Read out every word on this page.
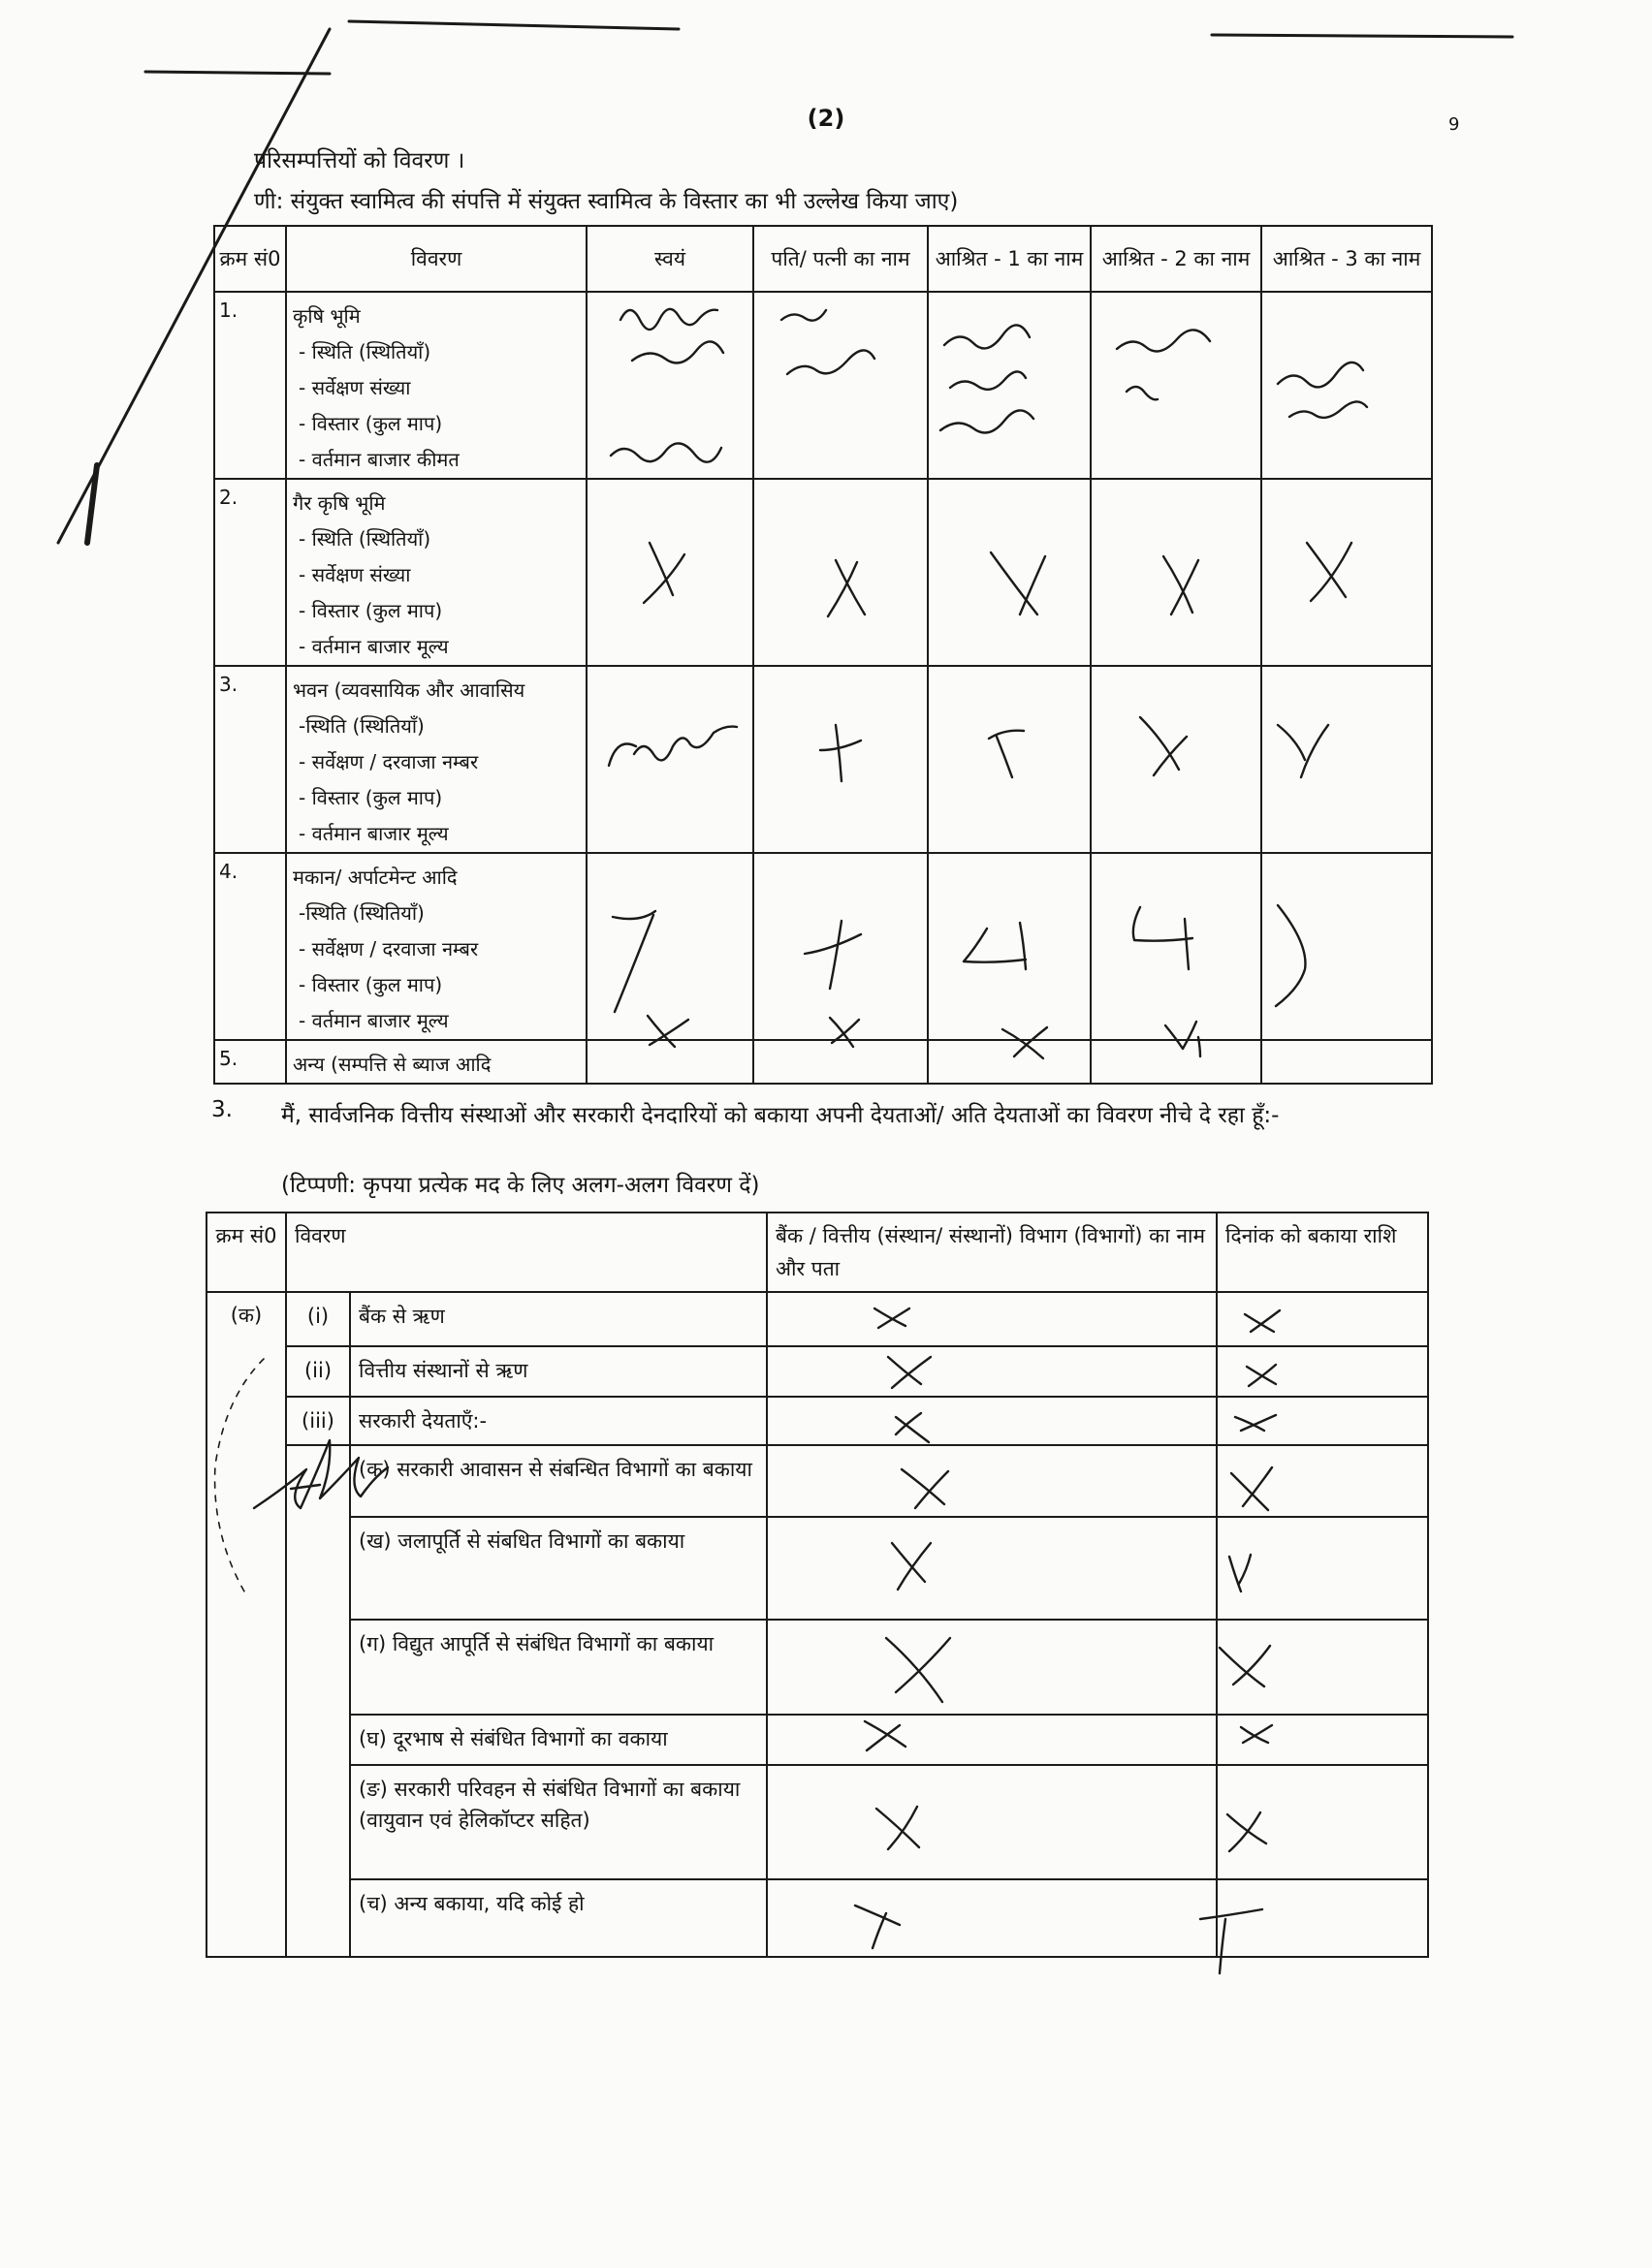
(2)	9
परिसम्पत्तियों को विवरण ।
णी: संयुक्त स्वामित्व की संपत्ति में संयुक्त स्वामित्व के विस्तार का भी उल्लेख किया जाए)
क्रम सं0	विवरण	स्वयं	पति/ पत्नी का नाम	आश्रित - 1 का नाम	आश्रित - 2 का नाम	आश्रित - 3 का नाम
1.	कृषि भूमि
- स्थिति (स्थितियाँ)
- सर्वेक्षण संख्या
- विस्तार (कुल माप)
- वर्तमान बाजार कीमत					

2.	गैर कृषि भूमि
- स्थिति (स्थितियाँ)
- सर्वेक्षण संख्या
- विस्तार (कुल माप)
- वर्तमान बाजार मूल्य					

3.	भवन (व्यवसायिक और आवासिय
-स्थिति (स्थितियाँ)
- सर्वेक्षण / दरवाजा नम्बर
- विस्तार (कुल माप)
- वर्तमान बाजार मूल्य					

4.	मकान/ अर्पाटमेन्ट आदि
-स्थिति (स्थितियाँ)
- सर्वेक्षण / दरवाजा नम्बर
- विस्तार (कुल माप)
- वर्तमान बाजार मूल्य					

5.	अन्य (सम्पत्ति से ब्याज आदि					

3. मैं, सार्वजनिक वित्तीय संस्थाओं और सरकारी देनदारियों को बकाया अपनी देयताओं/ अति देयताओं का विवरण नीचे दे रहा हूँ:-
(टिप्पणी: कृपया प्रत्येक मद के लिए अलग-अलग विवरण दें)
क्रम सं0	विवरण		बैंक / वित्तीय (संस्थान/ संस्थानों) विभाग (विभागों) का नाम और पता	दिनांक को बकाया राशि
(क)	(i)	बैंक से ऋण		
	(ii)	वित्तीय संस्थानों से ऋण		
	(iii)	सरकारी देयताएँ:-		
		(क) सरकारी आवासन से संबन्धित विभागों का बकाया		
		(ख) जलापूर्ति से संबधित विभागों का बकाया		
		(ग) विद्युत आपूर्ति से संबंधित विभागों का बकाया		
		(घ) दूरभाष से संबंधित विभागों का वकाया		
		(ङ) सरकारी परिवहन से संबंधित विभागों का बकाया (वायुवान एवं हेलिकॉप्टर सहित)		
		(च) अन्य बकाया, यदि कोई हो		
